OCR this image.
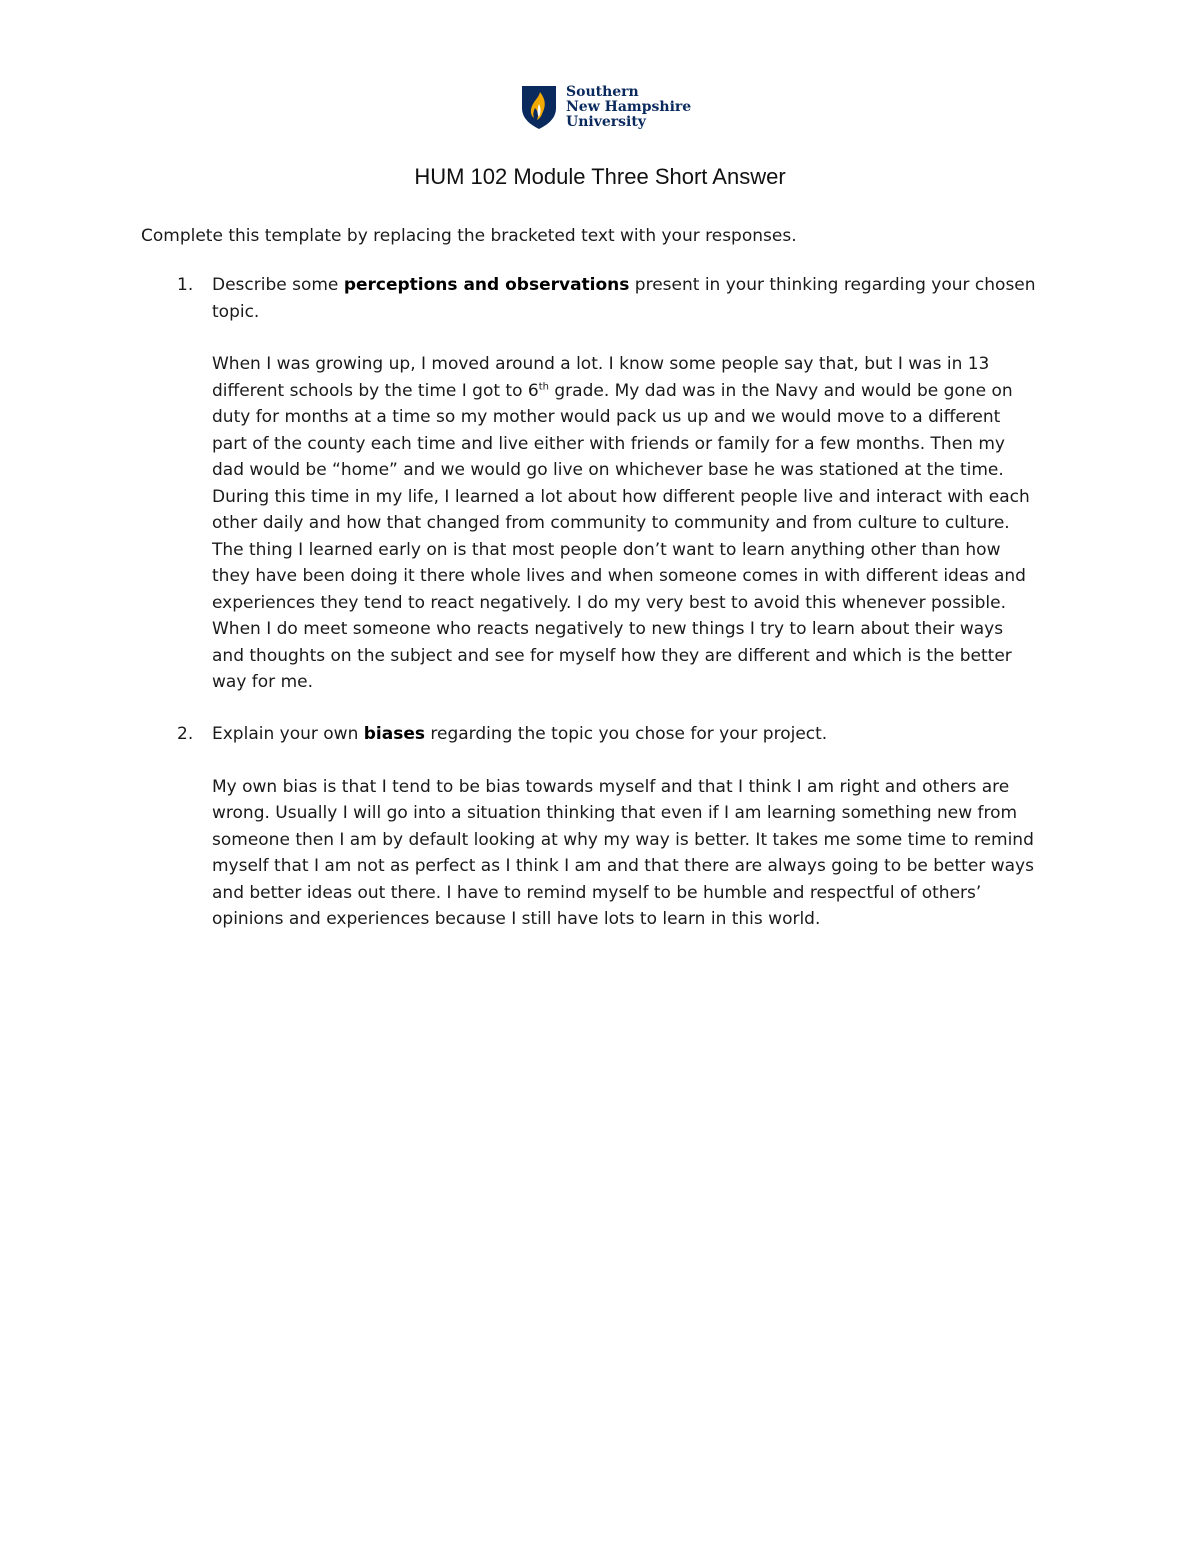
Southern
New Hampshire
University
HUM 102 Module Three Short Answer

Complete this template by replacing the bracketed text with your responses.

1. Describe some perceptions and observations present in your thinking regarding your chosen
topic.

When I was growing up, I moved around a lot. I know some people say that, but I was in 13
different schools by the time I got to 6th grade. My dad was in the Navy and would be gone on
duty for months at a time so my mother would pack us up and we would move to a different
part of the county each time and live either with friends or family for a few months. Then my
dad would be “home” and we would go live on whichever base he was stationed at the time.
During this time in my life, I learned a lot about how different people live and interact with each
other daily and how that changed from community to community and from culture to culture.
The thing I learned early on is that most people don’t want to learn anything other than how
they have been doing it there whole lives and when someone comes in with different ideas and
experiences they tend to react negatively. I do my very best to avoid this whenever possible.
When I do meet someone who reacts negatively to new things I try to learn about their ways
and thoughts on the subject and see for myself how they are different and which is the better
way for me.

2. Explain your own biases regarding the topic you chose for your project.

My own bias is that I tend to be bias towards myself and that I think I am right and others are
wrong. Usually I will go into a situation thinking that even if I am learning something new from
someone then I am by default looking at why my way is better. It takes me some time to remind
myself that I am not as perfect as I think I am and that there are always going to be better ways
and better ideas out there. I have to remind myself to be humble and respectful of others’
opinions and experiences because I still have lots to learn in this world.
